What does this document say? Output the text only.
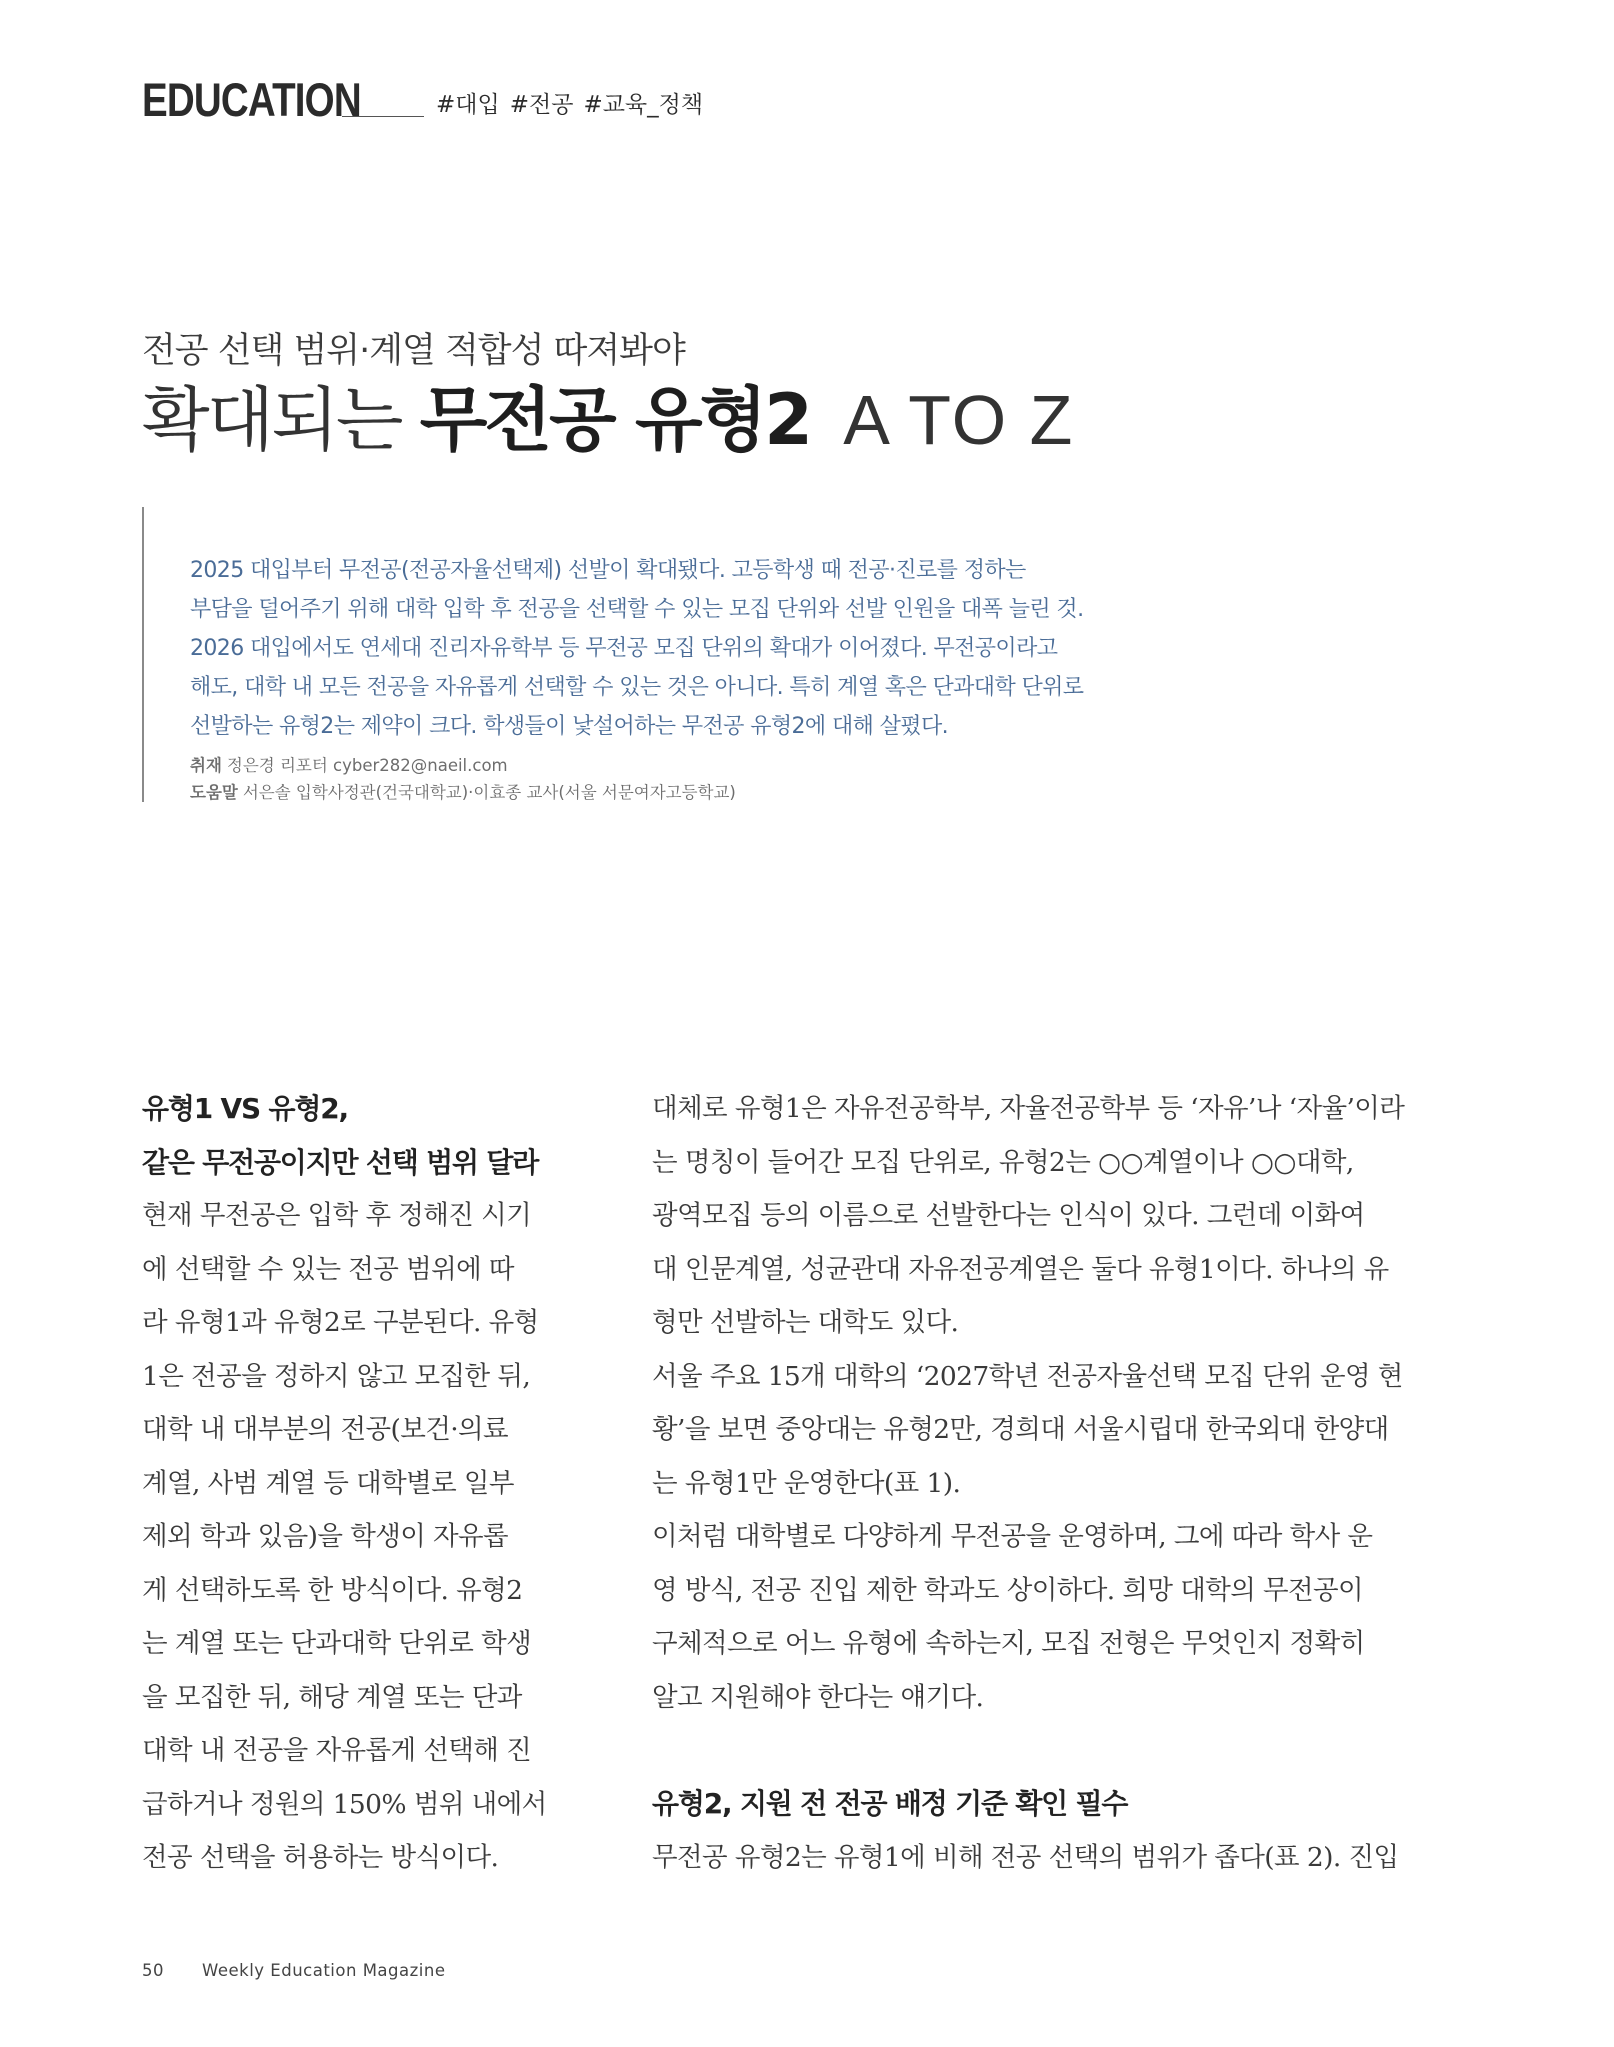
EDUCATION	#대입 #전공 #교육_정책
전공 선택 범위·계열 적합성 따져봐야
확대되는 무전공 유형2 A TO Z

2025 대입부터 무전공(전공자율선택제) 선발이 확대됐다. 고등학생 때 전공·진로를 정하는

부담을 덜어주기 위해 대학 입학 후 전공을 선택할 수 있는 모집 단위와 선발 인원을 대폭 늘린 것.

2026 대입에서도 연세대 진리자유학부 등 무전공 모집 단위의 확대가 이어졌다. 무전공이라고

해도, 대학 내 모든 전공을 자유롭게 선택할 수 있는 것은 아니다. 특히 계열 혹은 단과대학 단위로

선발하는 유형2는 제약이 크다. 학생들이 낯설어하는 무전공 유형2에 대해 살폈다.

취재 정은경 리포터 cyber282@naeil.com

도움말 서은솔 입학사정관(건국대학교)·이효종 교사(서울 서문여자고등학교)

유형1 VS 유형2,
같은 무전공이지만 선택 범위 달라

현재 무전공은 입학 후 정해진 시기

에 선택할 수 있는 전공 범위에 따

라 유형1과 유형2로 구분된다. 유형

1은 전공을 정하지 않고 모집한 뒤,

대학 내 대부분의 전공(보건·의료

계열, 사범 계열 등 대학별로 일부

제외 학과 있음)을 학생이 자유롭

게 선택하도록 한 방식이다. 유형2

는 계열 또는 단과대학 단위로 학생

을 모집한 뒤, 해당 계열 또는 단과

대학 내 전공을 자유롭게 선택해 진

급하거나 정원의 150% 범위 내에서

전공 선택을 허용하는 방식이다.

대체로 유형1은 자유전공학부, 자율전공학부 등 ‘자유’나 ‘자율’이라

는 명칭이 들어간 모집 단위로, 유형2는 ○○계열이나 ○○대학,

광역모집 등의 이름으로 선발한다는 인식이 있다. 그런데 이화여

대 인문계열, 성균관대 자유전공계열은 둘다 유형1이다. 하나의 유

형만 선발하는 대학도 있다.

서울 주요 15개 대학의 ‘2027학년 전공자율선택 모집 단위 운영 현

황’을 보면 중앙대는 유형2만, 경희대 서울시립대 한국외대 한양대

는 유형1만 운영한다(표 1).

이처럼 대학별로 다양하게 무전공을 운영하며, 그에 따라 학사 운

영 방식, 전공 진입 제한 학과도 상이하다. 희망 대학의 무전공이

구체적으로 어느 유형에 속하는지, 모집 전형은 무엇인지 정확히

알고 지원해야 한다는 얘기다.

유형2, 지원 전 전공 배정 기준 확인 필수

무전공 유형2는 유형1에 비해 전공 선택의 범위가 좁다(표 2). 진입

50 Weekly Education Magazine
